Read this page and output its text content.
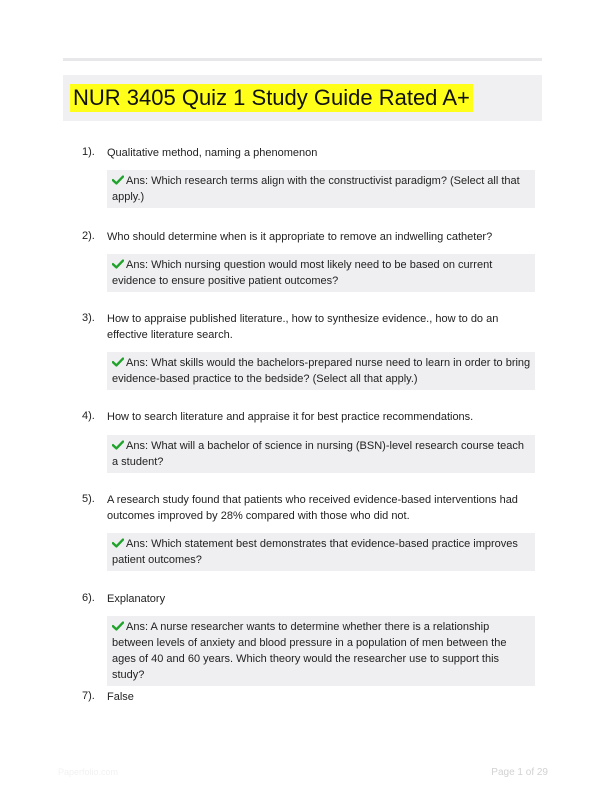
NUR 3405 Quiz 1 Study Guide Rated A+
1). Qualitative method, naming a phenomenon
Ans: Which research terms align with the constructivist paradigm? (Select all that apply.)
2). Who should determine when is it appropriate to remove an indwelling catheter?
Ans: Which nursing question would most likely need to be based on current evidence to ensure positive patient outcomes?
3). How to appraise published literature., how to synthesize evidence., how to do an effective literature search.
Ans: What skills would the bachelors-prepared nurse need to learn in order to bring evidence-based practice to the bedside? (Select all that apply.)
4). How to search literature and appraise it for best practice recommendations.
Ans: What will a bachelor of science in nursing (BSN)-level research course teach a student?
5). A research study found that patients who received evidence-based interventions had outcomes improved by 28% compared with those who did not.
Ans: Which statement best demonstrates that evidence-based practice improves patient outcomes?
6). Explanatory
Ans: A nurse researcher wants to determine whether there is a relationship between levels of anxiety and blood pressure in a population of men between the ages of 40 and 60 years. Which theory would the researcher use to support this study?
7). False
Paperfolio.com	Page 1 of 29
